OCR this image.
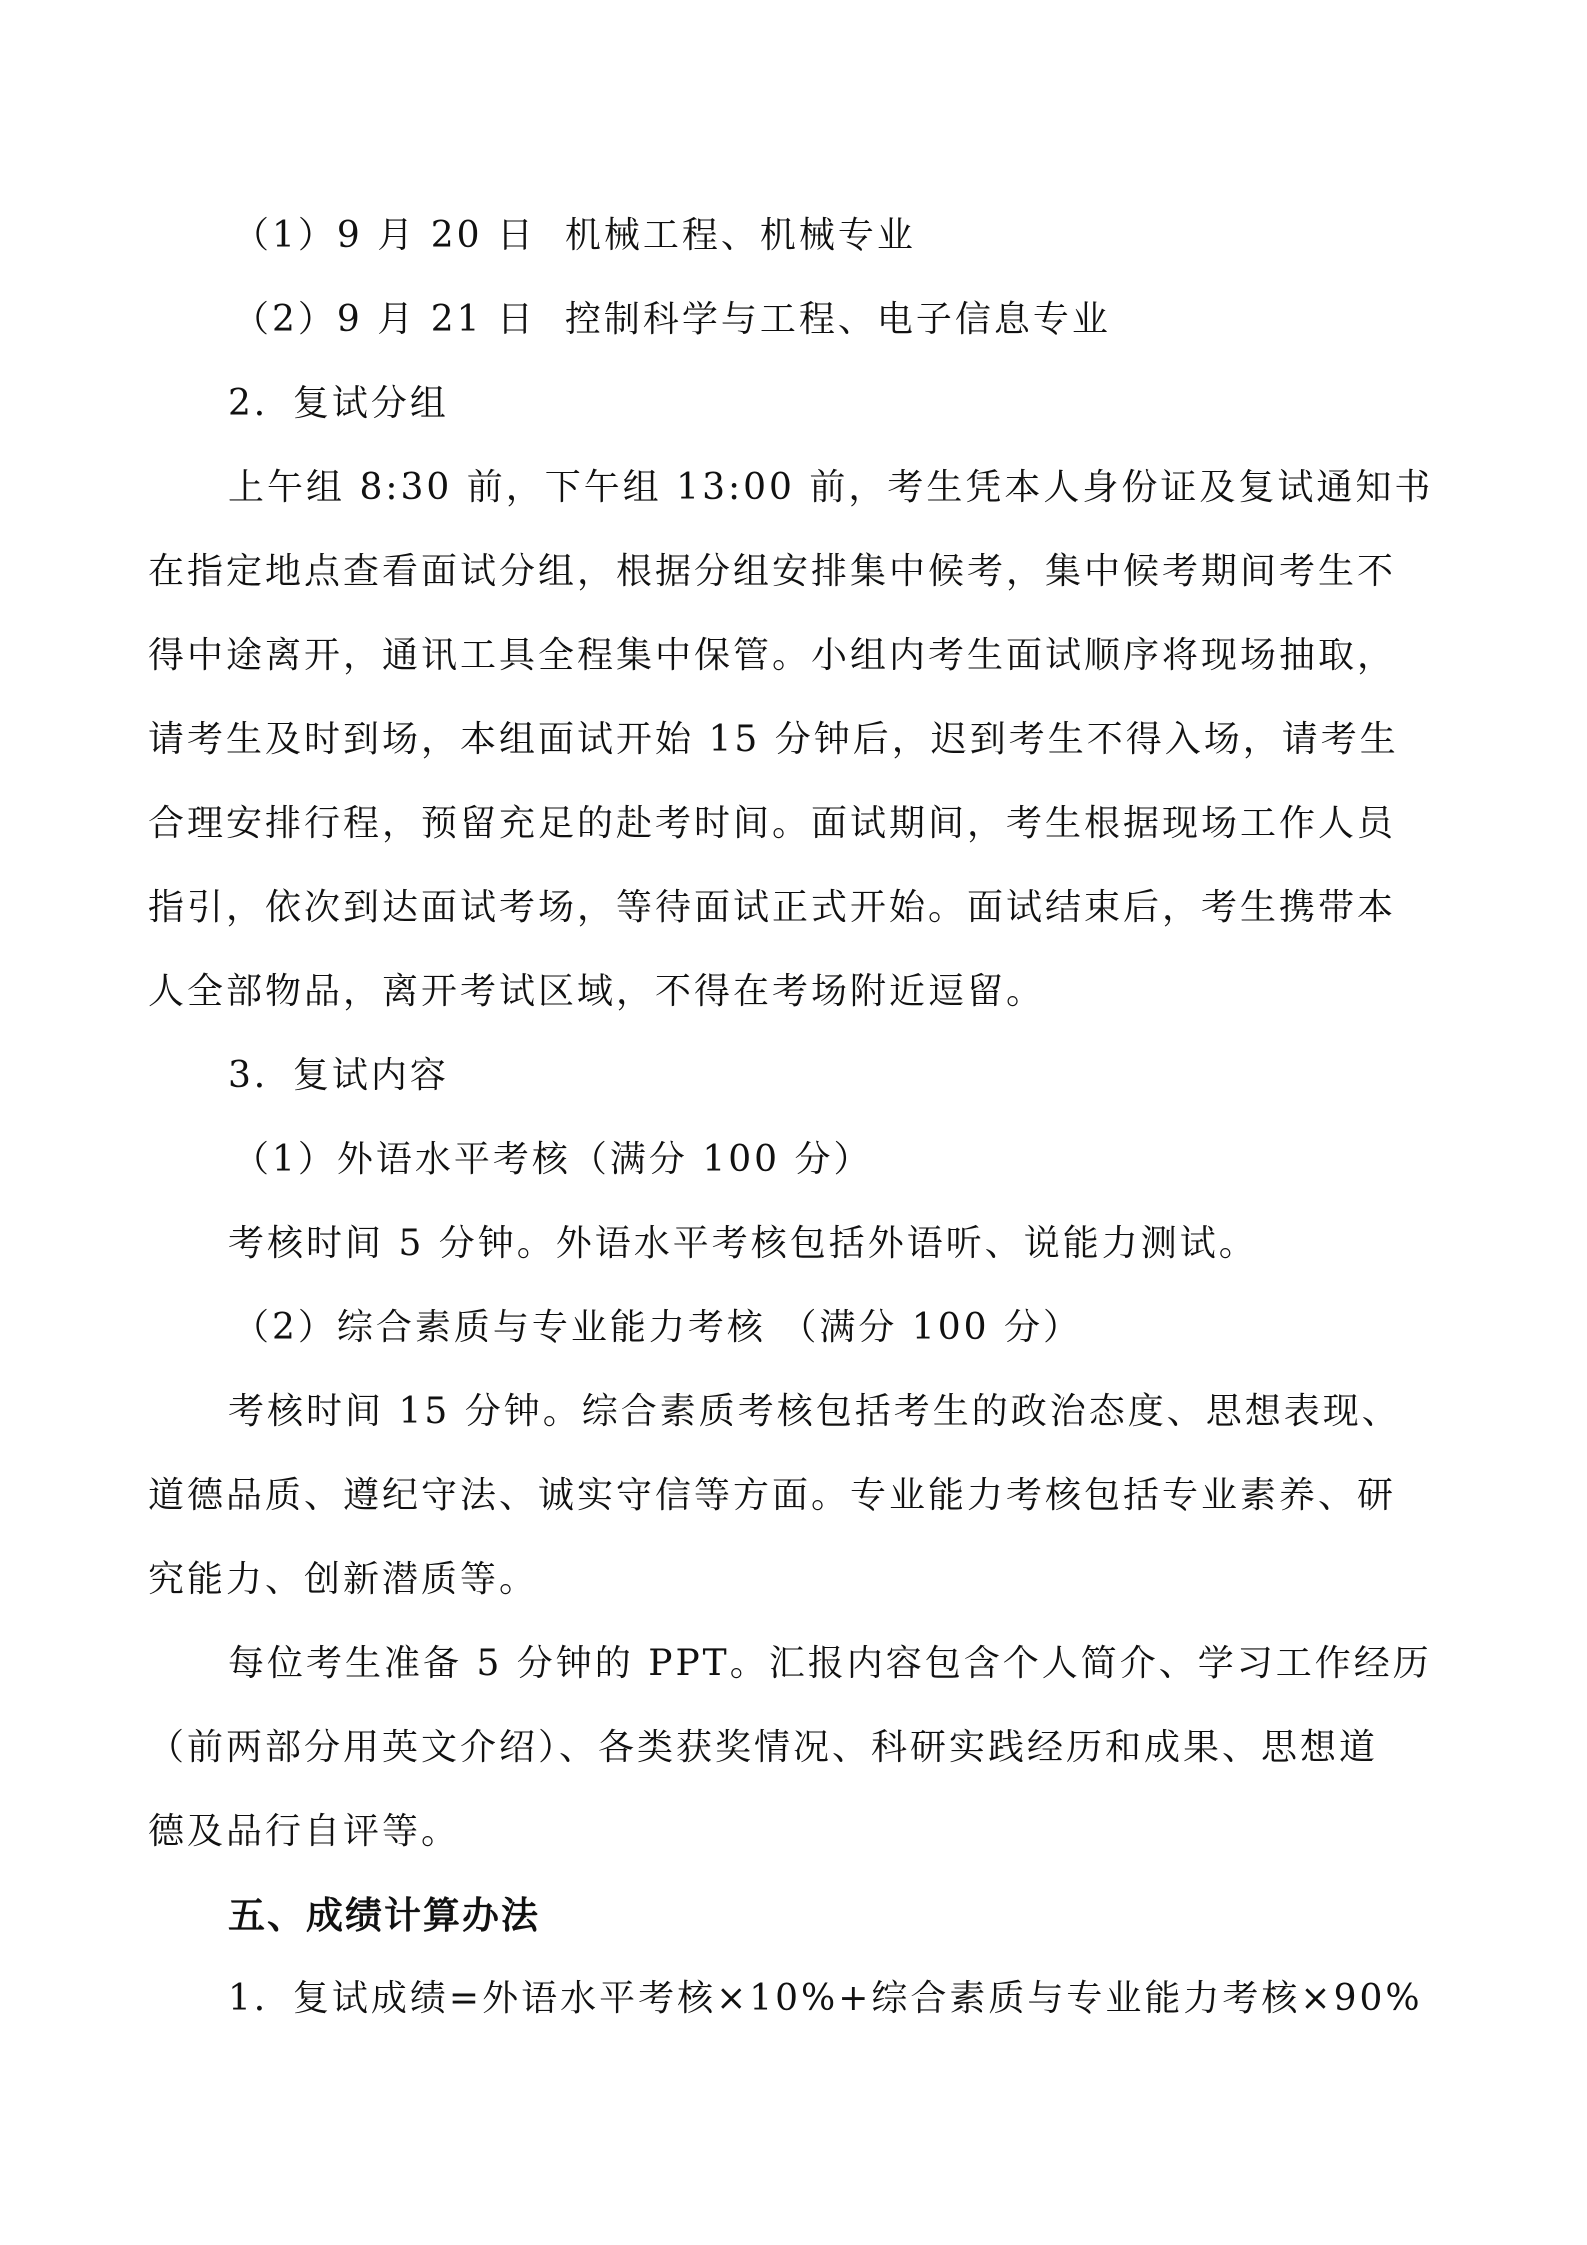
（1）9 月 20 日  机械工程、机械专业
（2）9 月 21 日  控制科学与工程、电子信息专业
2．复试分组
上午组 8:30 前，下午组 13:00 前，考生凭本人身份证及复试通知书
在指定地点查看面试分组，根据分组安排集中候考，集中候考期间考生不
得中途离开，通讯工具全程集中保管。小组内考生面试顺序将现场抽取，
请考生及时到场，本组面试开始 15 分钟后，迟到考生不得入场，请考生
合理安排行程，预留充足的赴考时间。面试期间，考生根据现场工作人员
指引，依次到达面试考场，等待面试正式开始。面试结束后，考生携带本
人全部物品，离开考试区域，不得在考场附近逗留。
3．复试内容
（1）外语水平考核（满分 100 分）
考核时间 5 分钟。外语水平考核包括外语听、说能力测试。
（2）综合素质与专业能力考核 （满分 100 分）
考核时间 15 分钟。综合素质考核包括考生的政治态度、思想表现、
道德品质、遵纪守法、诚实守信等方面。专业能力考核包括专业素养、研
究能力、创新潜质等。
每位考生准备 5 分钟的 PPT。汇报内容包含个人简介、学习工作经历
（前两部分用英文介绍）、各类获奖情况、科研实践经历和成果、思想道
德及品行自评等。
五、成绩计算办法
1．复试成绩=外语水平考核×10%+综合素质与专业能力考核×90%
